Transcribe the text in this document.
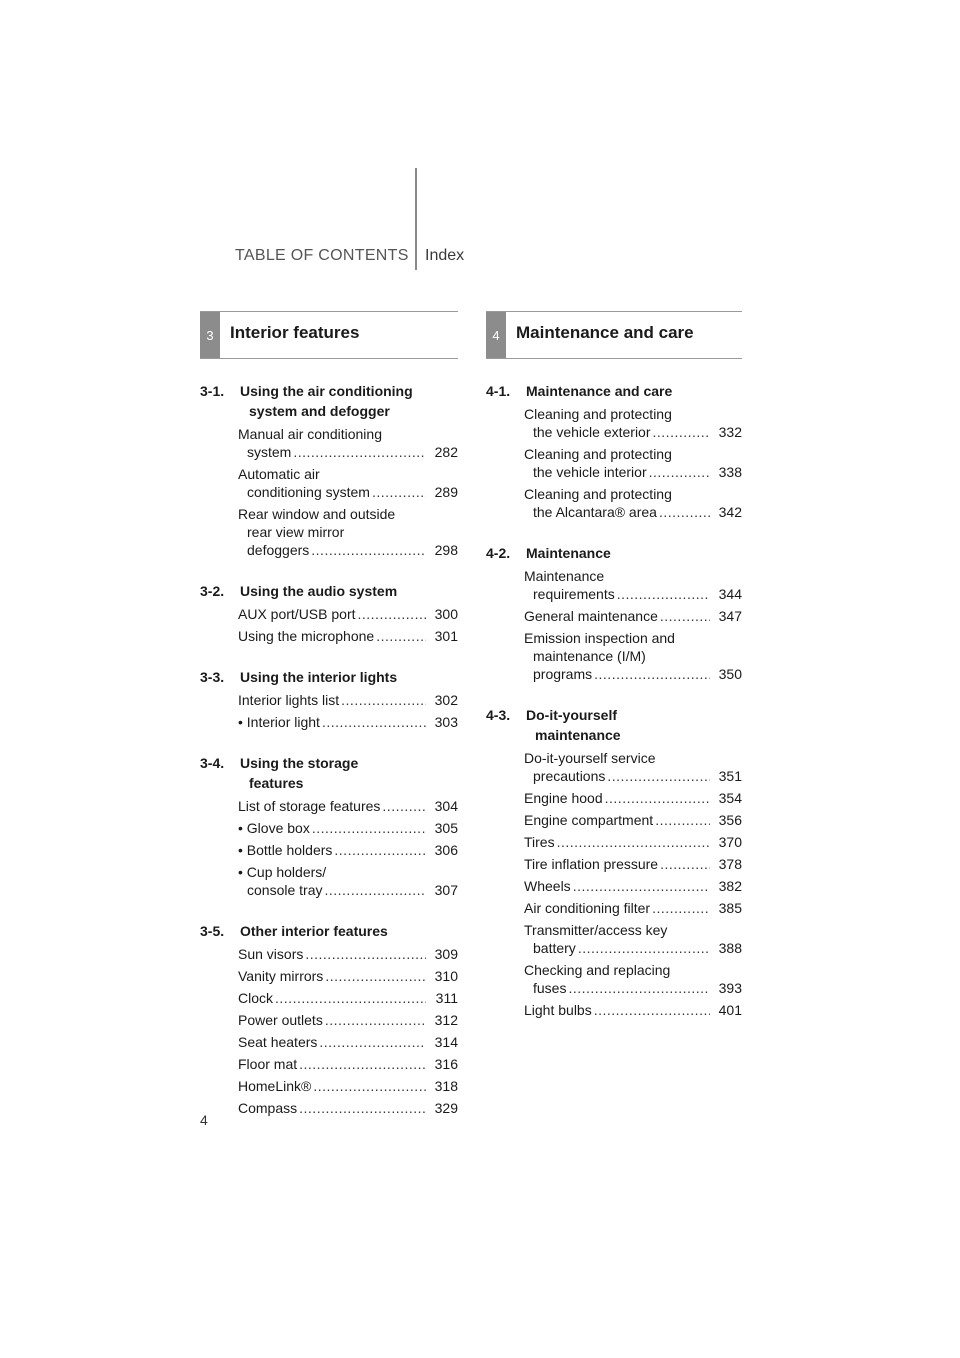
TABLE OF CONTENTS Index
3 Interior features
3-1.	Using the air conditioning
system and defogger
Manual air conditioning
system .....	282
Automatic air
conditioning system .....	289
Rear window and outside
rear view mirror
defoggers .....	298
3-2.	Using the audio system
AUX port/USB port .....	300
Using the microphone .....	301
3-3.	Using the interior lights
Interior lights list .....	302
• Interior light .....	303
3-4.	Using the storage
features
List of storage features .....	304
• Glove box .....	305
• Bottle holders .....	306
• Cup holders/
console tray .....	307
3-5.	Other interior features
Sun visors .....	309
Vanity mirrors .....	310
Clock .....	311
Power outlets .....	312
Seat heaters .....	314
Floor mat .....	316
HomeLink® .....	318
Compass .....	329
4 Maintenance and care
4-1.	Maintenance and care
Cleaning and protecting
the vehicle exterior .....	332
Cleaning and protecting
the vehicle interior .....	338
Cleaning and protecting
the Alcantara® area .....	342
4-2.	Maintenance
Maintenance
requirements .....	344
General maintenance .....	347
Emission inspection and
maintenance (I/M)
programs .....	350
4-3.	Do-it-yourself
maintenance
Do-it-yourself service
precautions .....	351
Engine hood .....	354
Engine compartment .....	356
Tires .....	370
Tire inflation pressure .....	378
Wheels .....	382
Air conditioning filter .....	385
Transmitter/access key
battery .....	388
Checking and replacing
fuses .....	393
Light bulbs .....	401
4
